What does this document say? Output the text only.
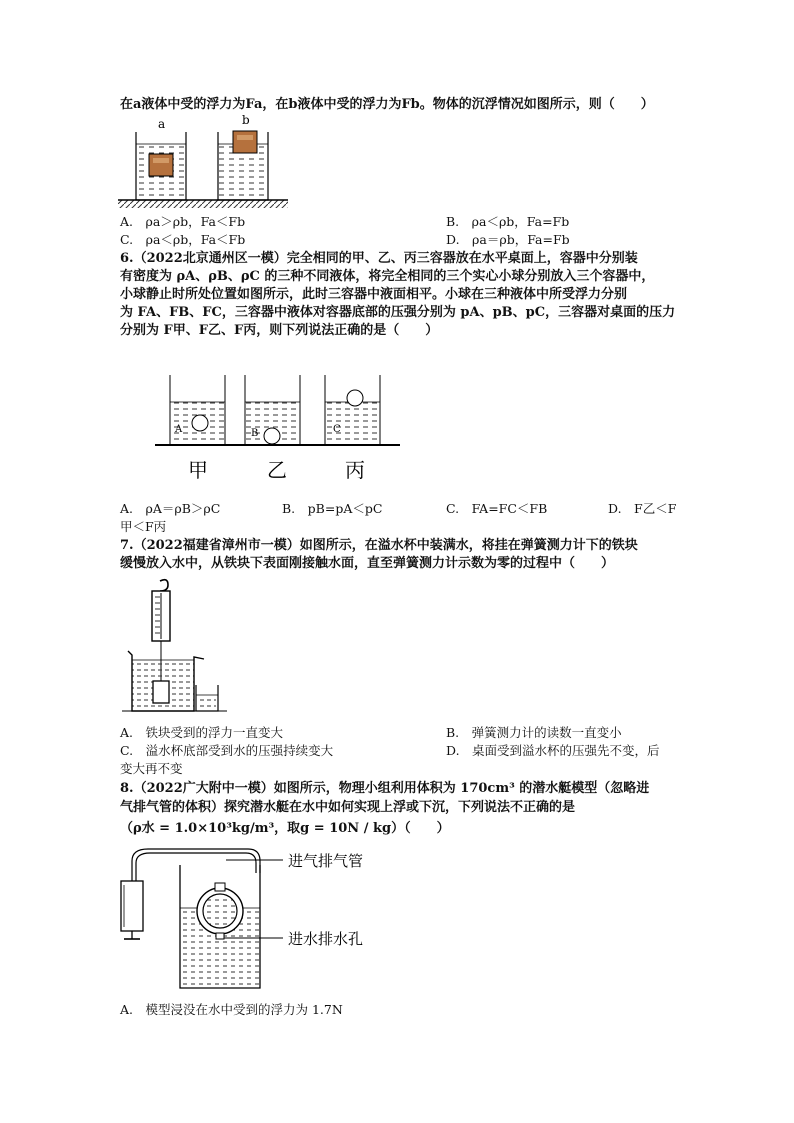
在a液体中受的浮力为Fa，在b液体中受的浮力为Fb。物体的沉浮情况如图所示，则（　　）
a	b
A.　ρa＞ρb，Fa＜Fb	B.　ρa＜ρb，Fa=Fb
C.　ρa＜ρb，Fa＜Fb	D.　ρa＝ρb，Fa=Fb
6.（2022北京通州区一模）完全相同的甲、乙、丙三容器放在水平桌面上，容器中分别装
有密度为 ρA、ρB、ρC 的三种不同液体，将完全相同的三个实心小球分别放入三个容器中，
小球静止时所处位置如图所示，此时三容器中液面相平。小球在三种液体中所受浮力分别
为 FA、FB、FC，三容器中液体对容器底部的压强分别为 pA、pB、pC，三容器对桌面的压力
分别为 F甲、F乙、F丙，则下列说法正确的是（　　）
A	B	C
甲	乙	丙
A.　ρA＝ρB＞ρC	B.　pB=pA＜pC	C.　FA=FC＜FB	D.　F乙＜F
甲＜F丙
7.（2022福建省漳州市一模）如图所示，在溢水杯中装满水，将挂在弹簧测力计下的铁块
缓慢放入水中，从铁块下表面刚接触水面，直至弹簧测力计示数为零的过程中（　　）
A.　铁块受到的浮力一直变大	B.　弹簧测力计的读数一直变小
C.　溢水杯底部受到水的压强持续变大	D.　桌面受到溢水杯的压强先不变，后
变大再不变
8.（2022广大附中一模）如图所示，物理小组利用体积为 170cm³ 的潜水艇模型（忽略进
气排气管的体积）探究潜水艇在水中如何实现上浮或下沉，下列说法不正确的是
（ρ水 = 1.0×10³kg/m³，取g = 10N / kg）（　　）
进气排气管
进水排水孔
A.　模型浸没在水中受到的浮力为 1.7N
